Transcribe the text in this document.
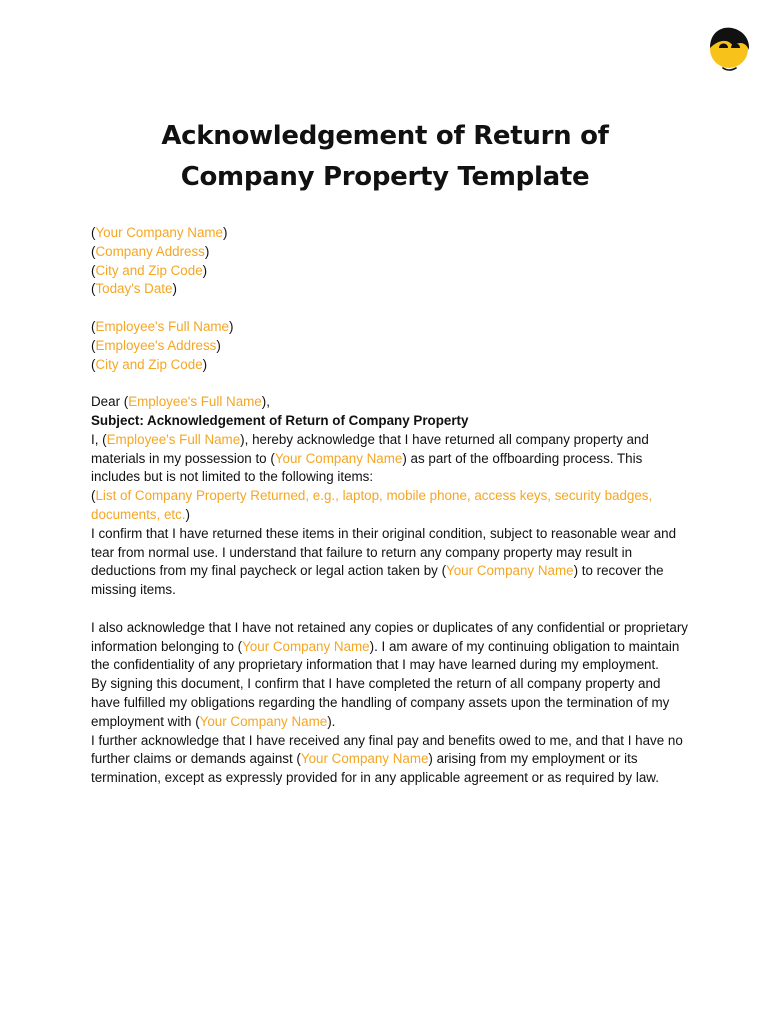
Acknowledgement of Return of
Company Property Template

(Your Company Name)

(Company Address)

(City and Zip Code)

(Today's Date)

(Employee's Full Name)

(Employee's Address)

(City and Zip Code)

Dear (Employee's Full Name),

Subject: Acknowledgement of Return of Company Property

I, (Employee's Full Name), hereby acknowledge that I have returned all company property and materials in my possession to (Your Company Name) as part of the offboarding process. This includes but is not limited to the following items:

(List of Company Property Returned, e.g., laptop, mobile phone, access keys, security badges, documents, etc.)

I confirm that I have returned these items in their original condition, subject to reasonable wear and tear from normal use. I understand that failure to return any company property may result in deductions from my final paycheck or legal action taken by (Your Company Name) to recover the missing items.

I also acknowledge that I have not retained any copies or duplicates of any confidential or proprietary information belonging to (Your Company Name). I am aware of my continuing obligation to maintain the confidentiality of any proprietary information that I may have learned during my employment.

By signing this document, I confirm that I have completed the return of all company property and have fulfilled my obligations regarding the handling of company assets upon the termination of my employment with (Your Company Name).

I further acknowledge that I have received any final pay and benefits owed to me, and that I have no further claims or demands against (Your Company Name) arising from my employment or its termination, except as expressly provided for in any applicable agreement or as required by law.
